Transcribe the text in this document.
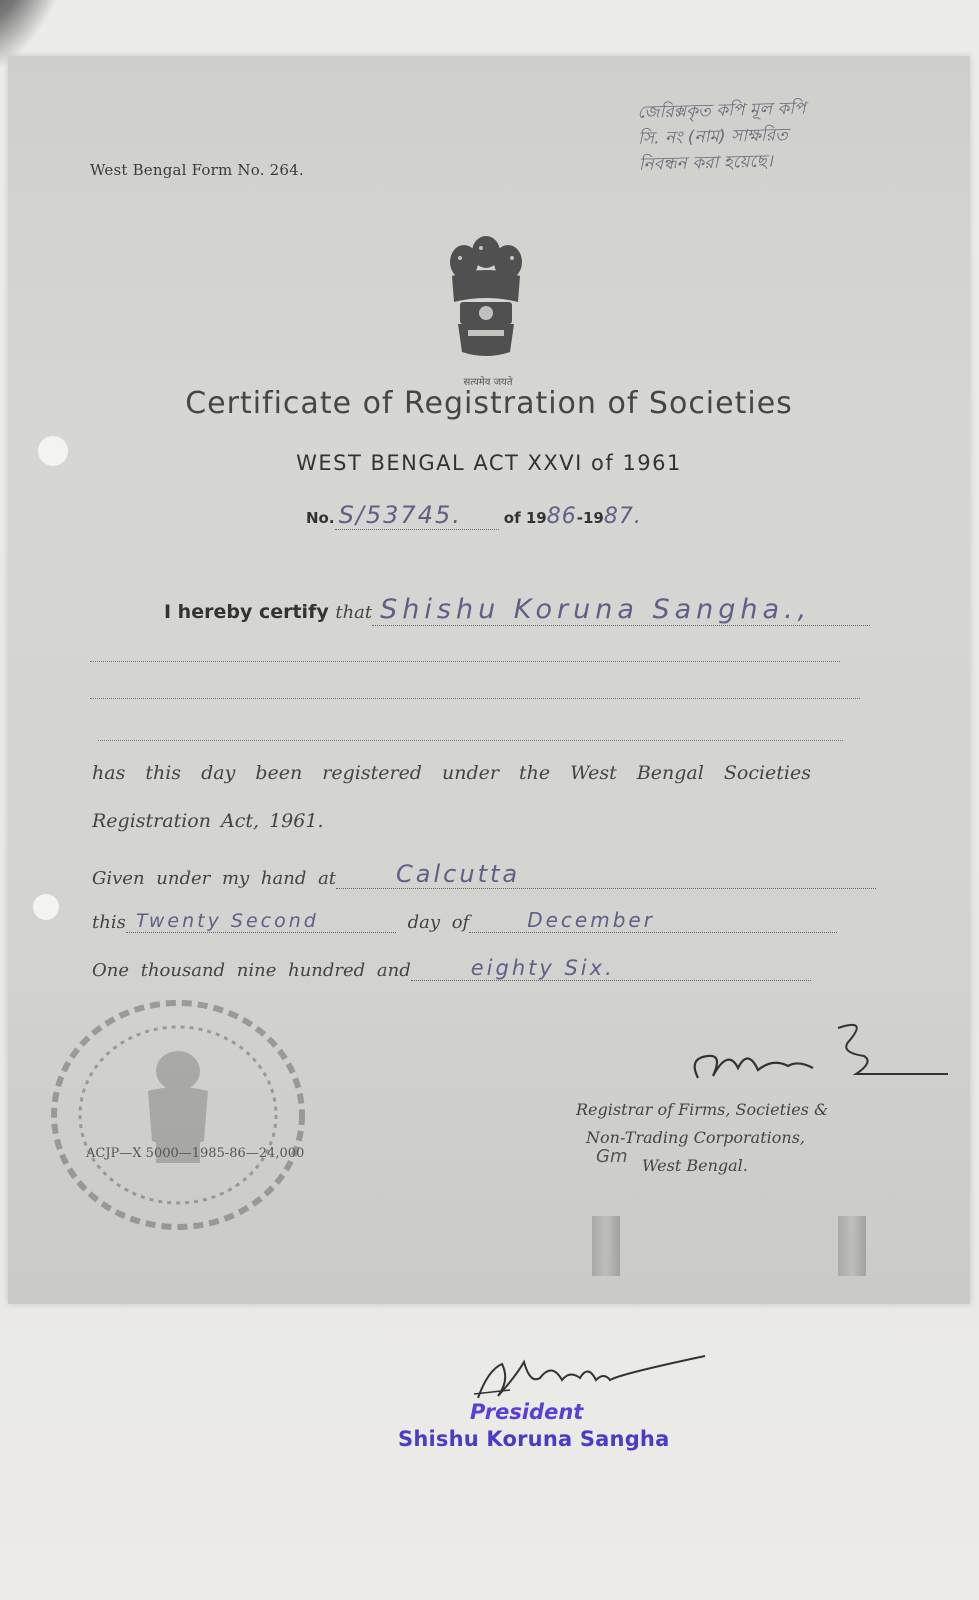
West Bengal Form No. 264.
জেরিক্সকৃত কপি মূল কপি
সি. নং (নাম) সাক্ষরিত
নিবন্ধন করা হয়েছে।
सत्यमेव जयते
Certificate of Registration of Societies
WEST BENGAL ACT XXVI of 1961
No. S/53745.	of 1986-1987.
I hereby certify that Shishu Koruna Sangha.,
has this day been registered under the West Bengal Societies
Registration Act, 1961.
Given under my hand at	Calcutta
this Twenty Second	day of	December
One thousand nine hundred and	eighty Six.
ACJP—X 5000—1985-86—24,000
Registrar of Firms, Societies &
Non-Trading Corporations,
West Bengal.
Gm
President
Shishu Koruna Sangha
